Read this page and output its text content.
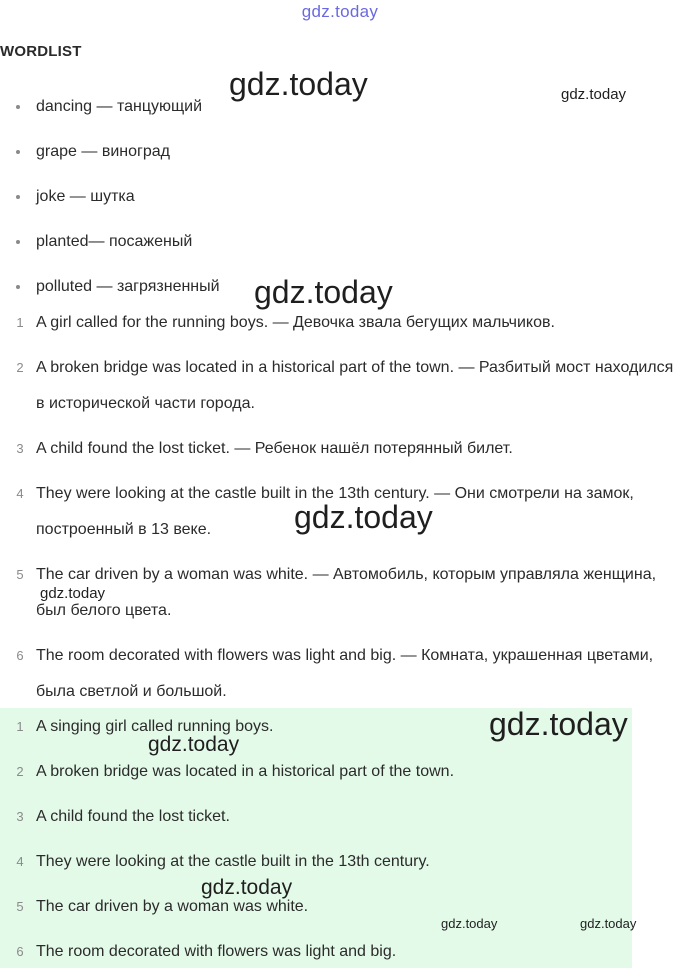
gdz.today
WORDLIST
dancing — танцующий
grape — виноград
joke — шутка
planted— посаженый
polluted — загрязненный
1 A girl called for the running boys. — Девочка звала бегущих мальчиков.
2 A broken bridge was located in a historical part of the town. — Разбитый мост находился в исторической части города.
3 A child found the lost ticket. — Ребенок нашёл потерянный билет.
4 They were looking at the castle built in the 13th century. — Они смотрели на замок, построенный в 13 веке.
5 The car driven by a woman was white. — Автомобиль, которым управляла женщина, был белого цвета.
6 The room decorated with flowers was light and big. — Комната, украшенная цветами, была светлой и большой.
1 A singing girl called running boys.
2 A broken bridge was located in a historical part of the town.
3 A child found the lost ticket.
4 They were looking at the castle built in the 13th century.
5 The car driven by a woman was white.
6 The room decorated with flowers was light and big.
gdz.today	gdz.today
gdz.today
gdz.today
gdz.today
gdz.today
gdz.today
gdz.today
gdz.today	gdz.today
